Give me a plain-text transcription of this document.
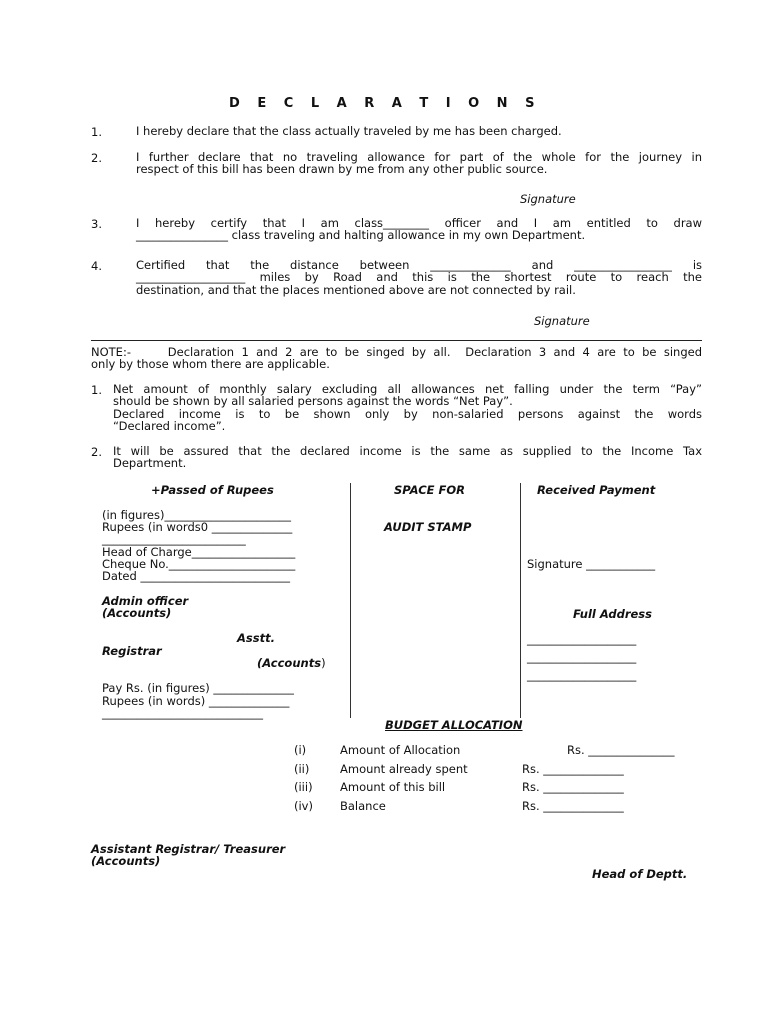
D E C L A R A T I O N S
1.	I hereby declare that the class actually traveled by me has been charged.
2.	I further declare that no traveling allowance for part of the whole for the journey in
respect of this bill has been drawn by me from any other public source.
Signature
3.	I hereby certify that I am class________ officer and I am entitled to draw
________________ class traveling and halting allowance in my own Department.
4.	Certified that the distance between ______________ and _________________ is
___________________ miles by Road and this is the shortest route to reach the
destination, and that the places mentioned above are not connected by rail.
Signature
NOTE:-     Declaration 1 and 2 are to be singed by all.  Declaration 3 and 4 are to be singed
only by those whom there are applicable.
1. Net amount of monthly salary excluding all allowances net falling under the term “Pay”
should be shown by all salaried persons against the words “Net Pay”.
Declared income is to be shown only by non-salaried persons against the words
“Declared income”.
2. It will be assured that the declared income is the same as supplied to the Income Tax
Department.
+Passed of Rupees
(in figures)______________________
Rupees (in words0 ______________
_________________________
Head of Charge__________________
Cheque No.______________________
Dated __________________________
Admin officer
(Accounts)
Asstt.
Registrar
(Accounts)
Pay Rs. (in figures) ______________
Rupees (in words) ______________
____________________________
SPACE FOR
AUDIT STAMP
Received Payment
Signature ____________
Full Address
___________________
___________________
___________________
BUDGET ALLOCATION
(i)	Amount of Allocation	Rs. _______________
(ii)	Amount already spent	Rs. ______________
(iii) Amount of this bill	Rs. ______________
(iv) Balance	Rs. ______________
Assistant Registrar/ Treasurer
(Accounts)
Head of Deptt.
